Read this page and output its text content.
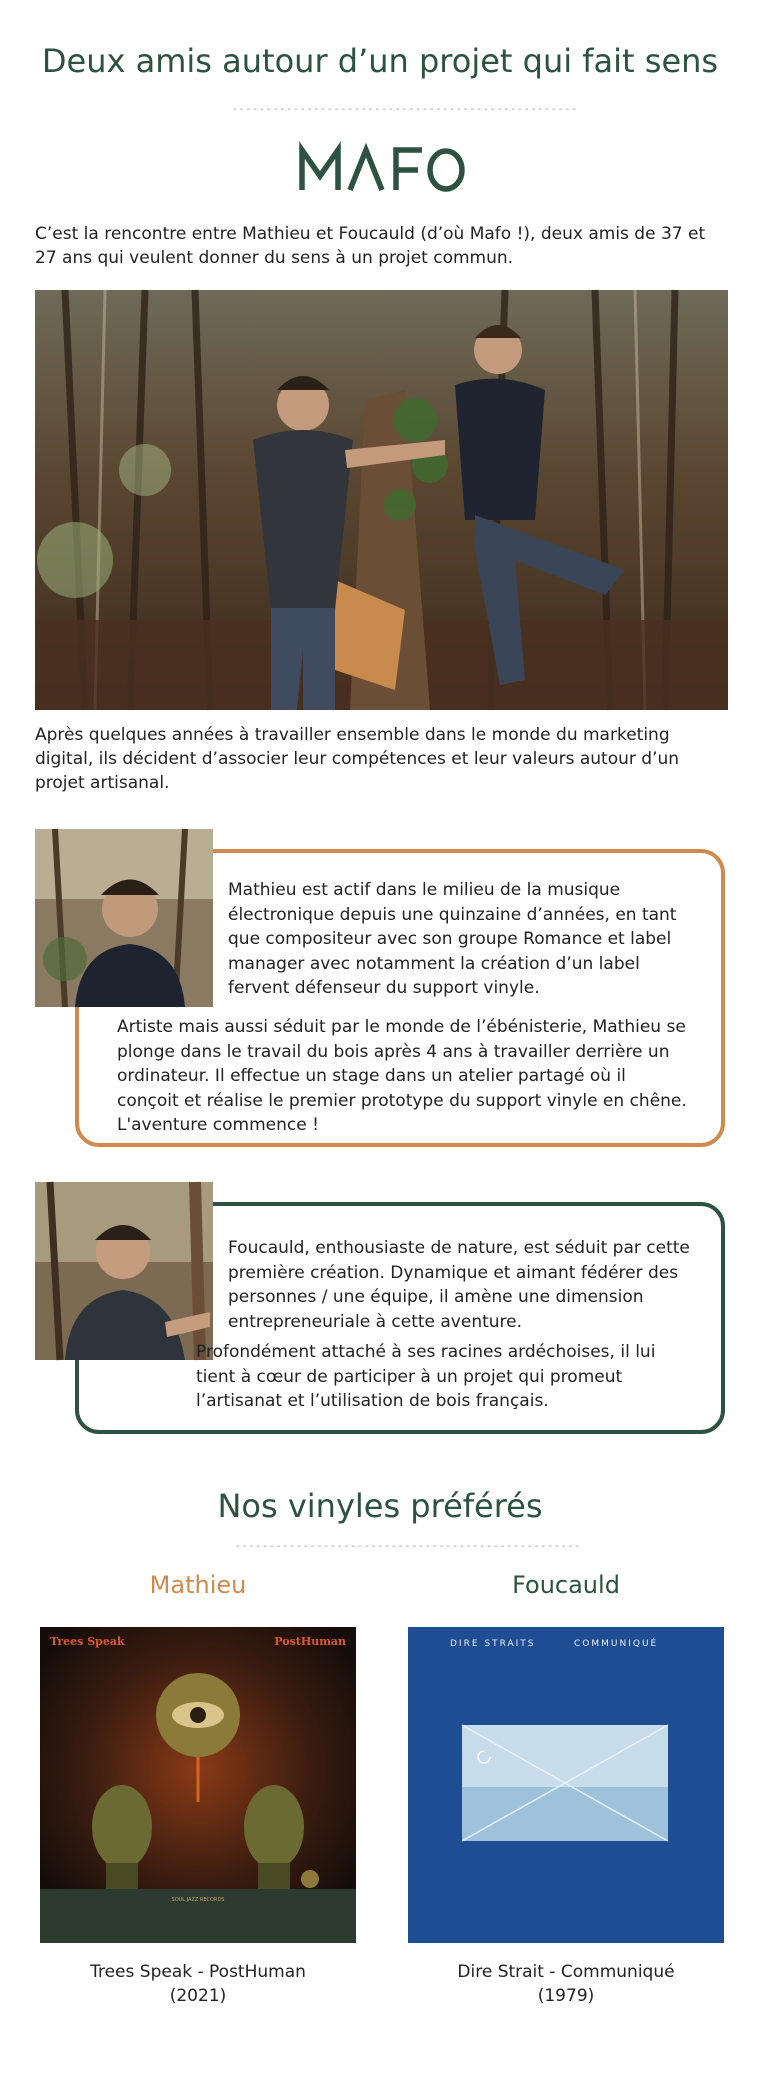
Deux amis autour d’un projet qui fait sens
- - - - - - - - - - - - - - - - - - - - - - - - - - - - - - - - - - - - - - - - - - - - - - - - - - -

C’est la rencontre entre Mathieu et Foucauld (d’où Mafo !), deux amis de 37 et 27 ans qui veulent donner du sens à un projet commun.

Après quelques années à travailler ensemble dans le monde du marketing digital, ils décident d’associer leur compétences et leur valeurs autour d’un projet artisanal.

Mathieu est actif dans le milieu de la musique électronique depuis une quinzaine d’années, en tant que compositeur avec son groupe Romance et label manager avec notamment la création d’un label fervent défenseur du support vinyle.

Artiste mais aussi séduit par le monde de l’ébénisterie, Mathieu se plonge dans le travail du bois après 4 ans à travailler derrière un ordinateur. Il effectue un stage dans un atelier partagé où il conçoit et réalise le premier prototype du support vinyle en chêne. L'aventure commence !

Foucauld, enthousiaste de nature, est séduit par cette première création. Dynamique et aimant fédérer des personnes / une équipe, il amène une dimension entrepreneuriale à cette aventure.

Profondément attaché à ses racines ardéchoises, il lui tient à cœur de participer à un projet qui promeut l’artisanat et l’utilisation de bois français.

Nos vinyles préférés
- - - - - - - - - - - - - - - - - - - - - - - - - - - - - - - - - - - - - - - - - - - - - - - - - - -
Mathieu	Foucauld
Trees Speak	PostHuman
SOUL JAZZ RECORDS
DIRE STRAITS	COMMUNIQUÉ

Trees Speak - PostHuman

(2021)

Dire Strait - Communiqué

(1979)
